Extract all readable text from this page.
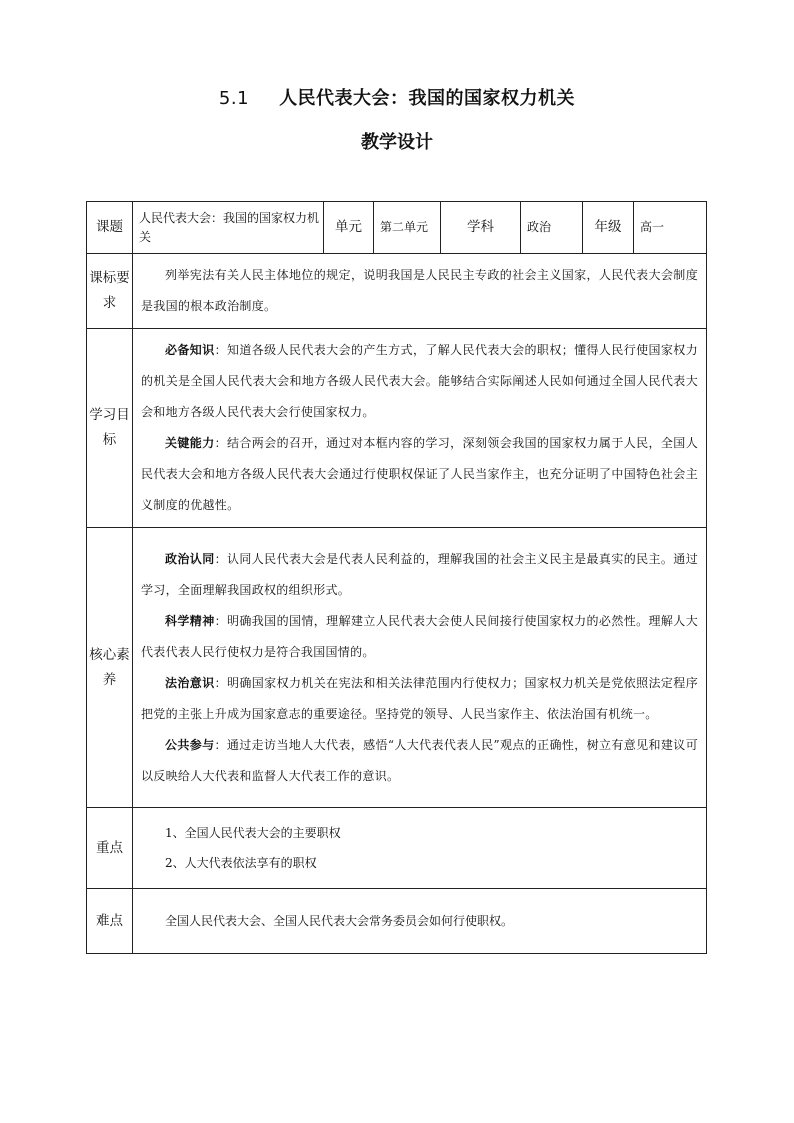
5.1 人民代表大会：我国的国家权力机关
教学设计
课题	人民代表大会：我国的国家权力机关	单元	第二单元	学科	政治	年级	高一
课标要求	列举宪法有关人民主体地位的规定，说明我国是人民民主专政的社会主义国家，人民代表大会制度是我国的根本政治制度。						

学习目标	必备知识：知道各级人民代表大会的产生方式，了解人民代表大会的职权；懂得人民行使国家权力的机关是全国人民代表大会和地方各级人民代表大会。能够结合实际阐述人民如何通过全国人民代表大会和地方各级人民代表大会行使国家权力。
关键能力：结合两会的召开，通过对本框内容的学习，深刻领会我国的国家权力属于人民，全国人民代表大会和地方各级人民代表大会通过行使职权保证了人民当家作主，也充分证明了中国特色社会主义制度的优越性。						

核心素养	政治认同：认同人民代表大会是代表人民利益的，理解我国的社会主义民主是最真实的民主。通过学习，全面理解我国政权的组织形式。
科学精神：明确我国的国情，理解建立人民代表大会使人民间接行使国家权力的必然性。理解人大代表代表人民行使权力是符合我国国情的。
法治意识：明确国家权力机关在宪法和相关法律范围内行使权力；国家权力机关是党依照法定程序把党的主张上升成为国家意志的重要途径。坚持党的领导、人民当家作主、依法治国有机统一。
公共参与：通过走访当地人大代表，感悟“人大代表代表人民”观点的正确性，树立有意见和建议可以反映给人大代表和监督人大代表工作的意识。						

重点	1、全国人民代表大会的主要职权
2、人大代表依法享有的职权						

难点	全国人民代表大会、全国人民代表大会常务委员会如何行使职权。						
